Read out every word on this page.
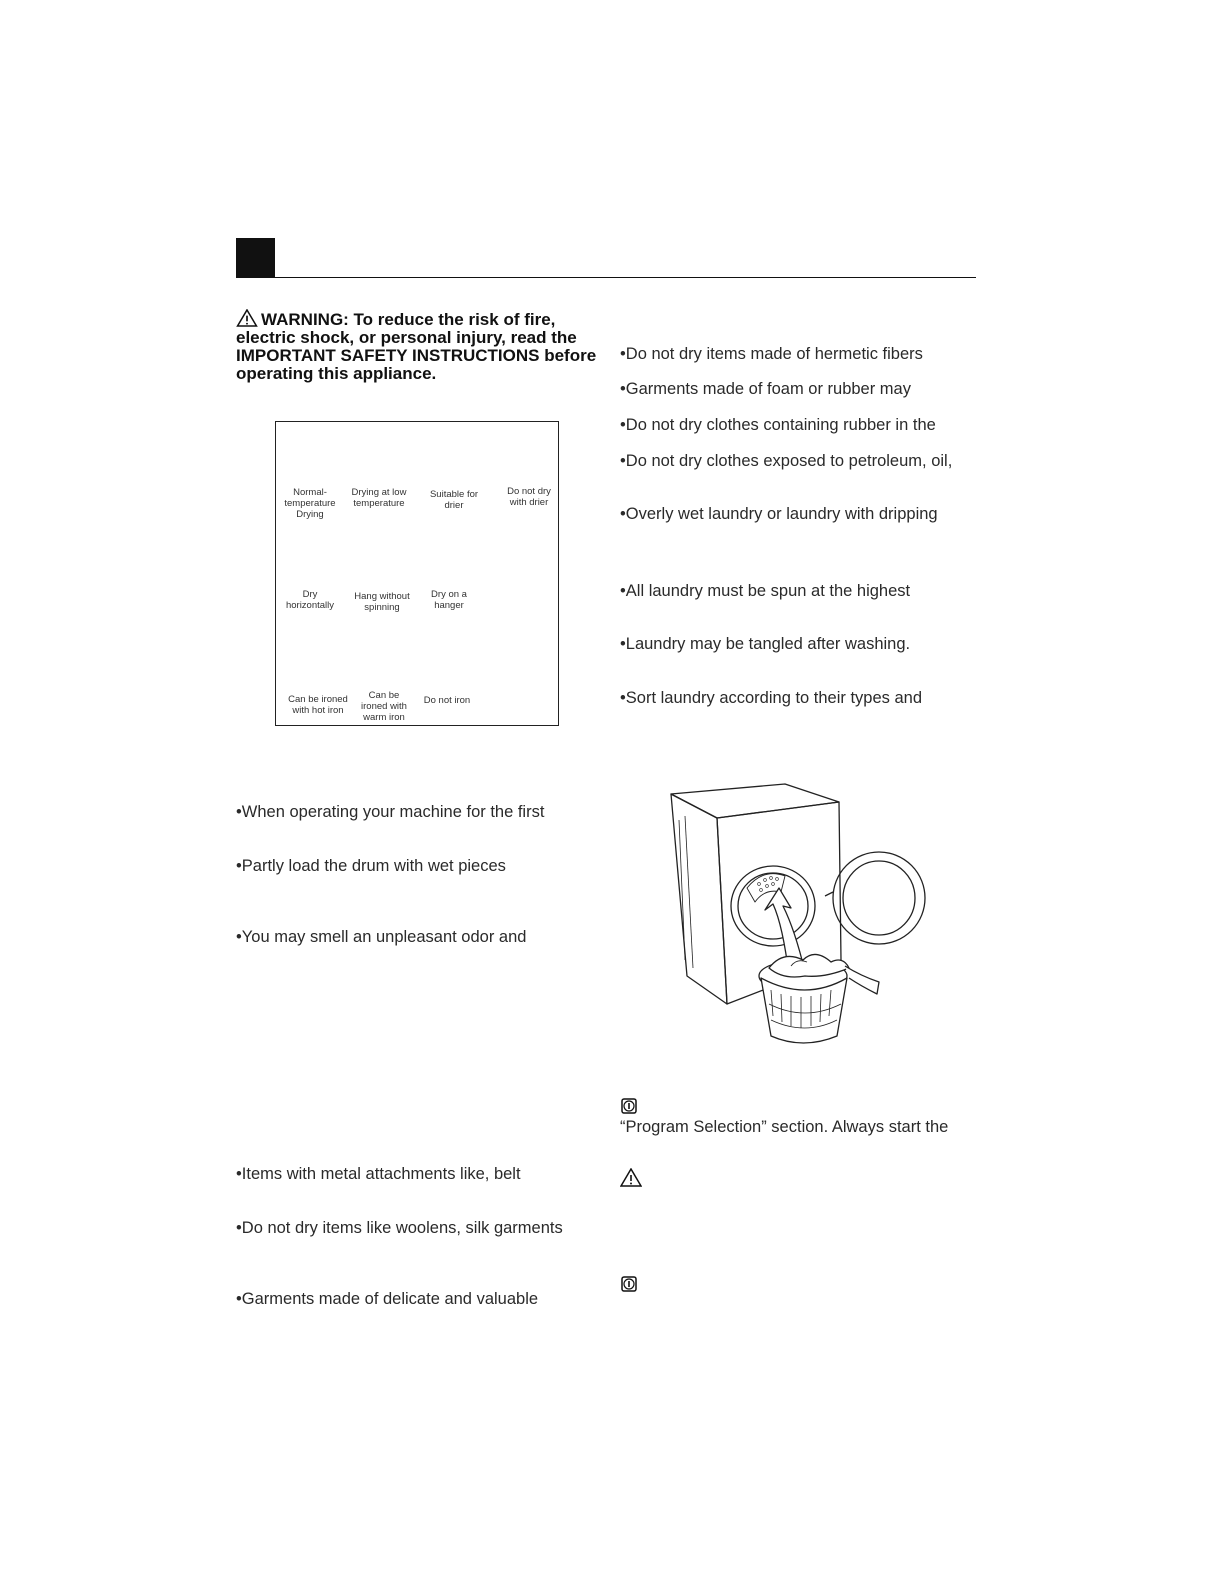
WARNING: To reduce the risk of fire, electric shock, or personal injury, read the IMPORTANT SAFETY INSTRUCTIONS before operating this appliance.
Normal-
temperature
Drying
Drying at low
temperature
Suitable for
drier
Do not dry
with drier
Dry
horizontally
Hang without
spinning
Dry on a
hanger
Can be ironed
with hot iron
Can be
ironed with
warm iron
Do not iron
•Do not dry items made of hermetic fibers
•Garments made of foam or rubber may
•Do not dry clothes containing rubber in the
•Do not dry clothes exposed to petroleum, oil,
•Overly wet laundry or laundry with dripping
•All laundry must be spun at the highest
•Laundry may be tangled after washing.
•Sort laundry according to their types and
•When operating your machine for the first
•Partly load the drum with wet pieces
•You may smell an unpleasant odor and
•Items with metal attachments like, belt
•Do not dry items like woolens, silk garments
•Garments made of delicate and valuable
“Program Selection” section. Always start the
